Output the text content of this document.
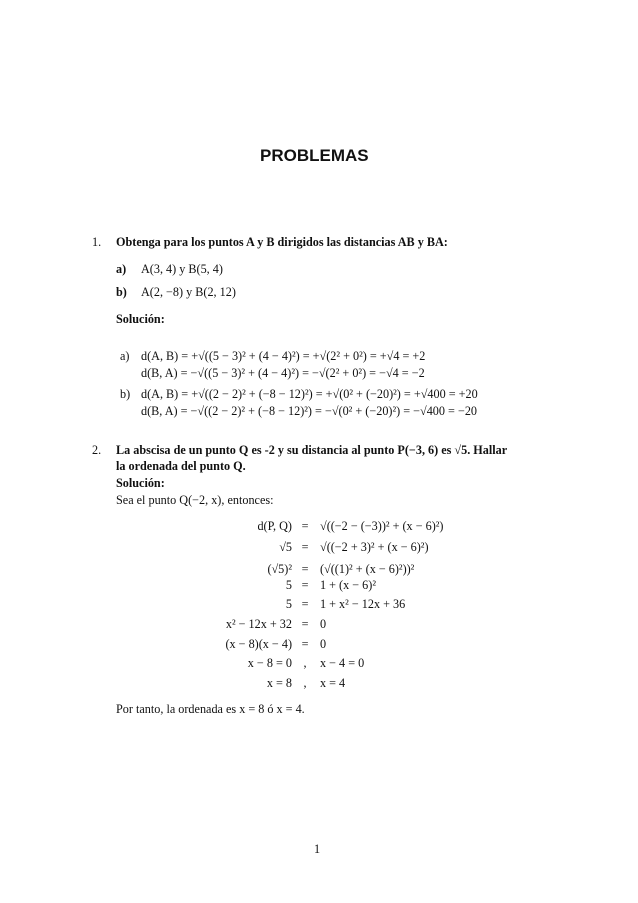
PROBLEMAS
1. Obtenga para los puntos A y B dirigidos las distancias AB y BA:
a) A(3, 4) y B(5, 4)
b) A(2, −8) y B(2, 12)
Solución:
a) d(A, B) = +√((5 − 3)² + (4 − 4)²) = +√(2² + 0²) = +√4 = +2
d(B, A) = −√((5 − 3)² + (4 − 4)²) = −√(2² + 0²) = −√4 = −2
b) d(A, B) = +√((2 − 2)² + (−8 − 12)²) = +√(0² + (−20)²) = +√400 = +20
d(B, A) = −√((2 − 2)² + (−8 − 12)²) = −√(0² + (−20)²) = −√400 = −20
2. La abscisa de un punto Q es -2 y su distancia al punto P(−3, 6) es √5. Hallar
la ordenada del punto Q.
Solución:
Sea el punto Q(−2, x), entonces:
d(P, Q) = √((−2 − (−3))² + (x − 6)²)
√5 = √((−2 + 3)² + (x − 6)²)
(√5)² = (√((1)² + (x − 6)²))²
5 = 1 + (x − 6)²
5 = 1 + x² − 12x + 36
x² − 12x + 32 = 0
(x − 8)(x − 4) = 0
x − 8 = 0 ,	x − 4 = 0
x = 8 ,	x = 4
Por tanto, la ordenada es x = 8 ó x = 4.
1
